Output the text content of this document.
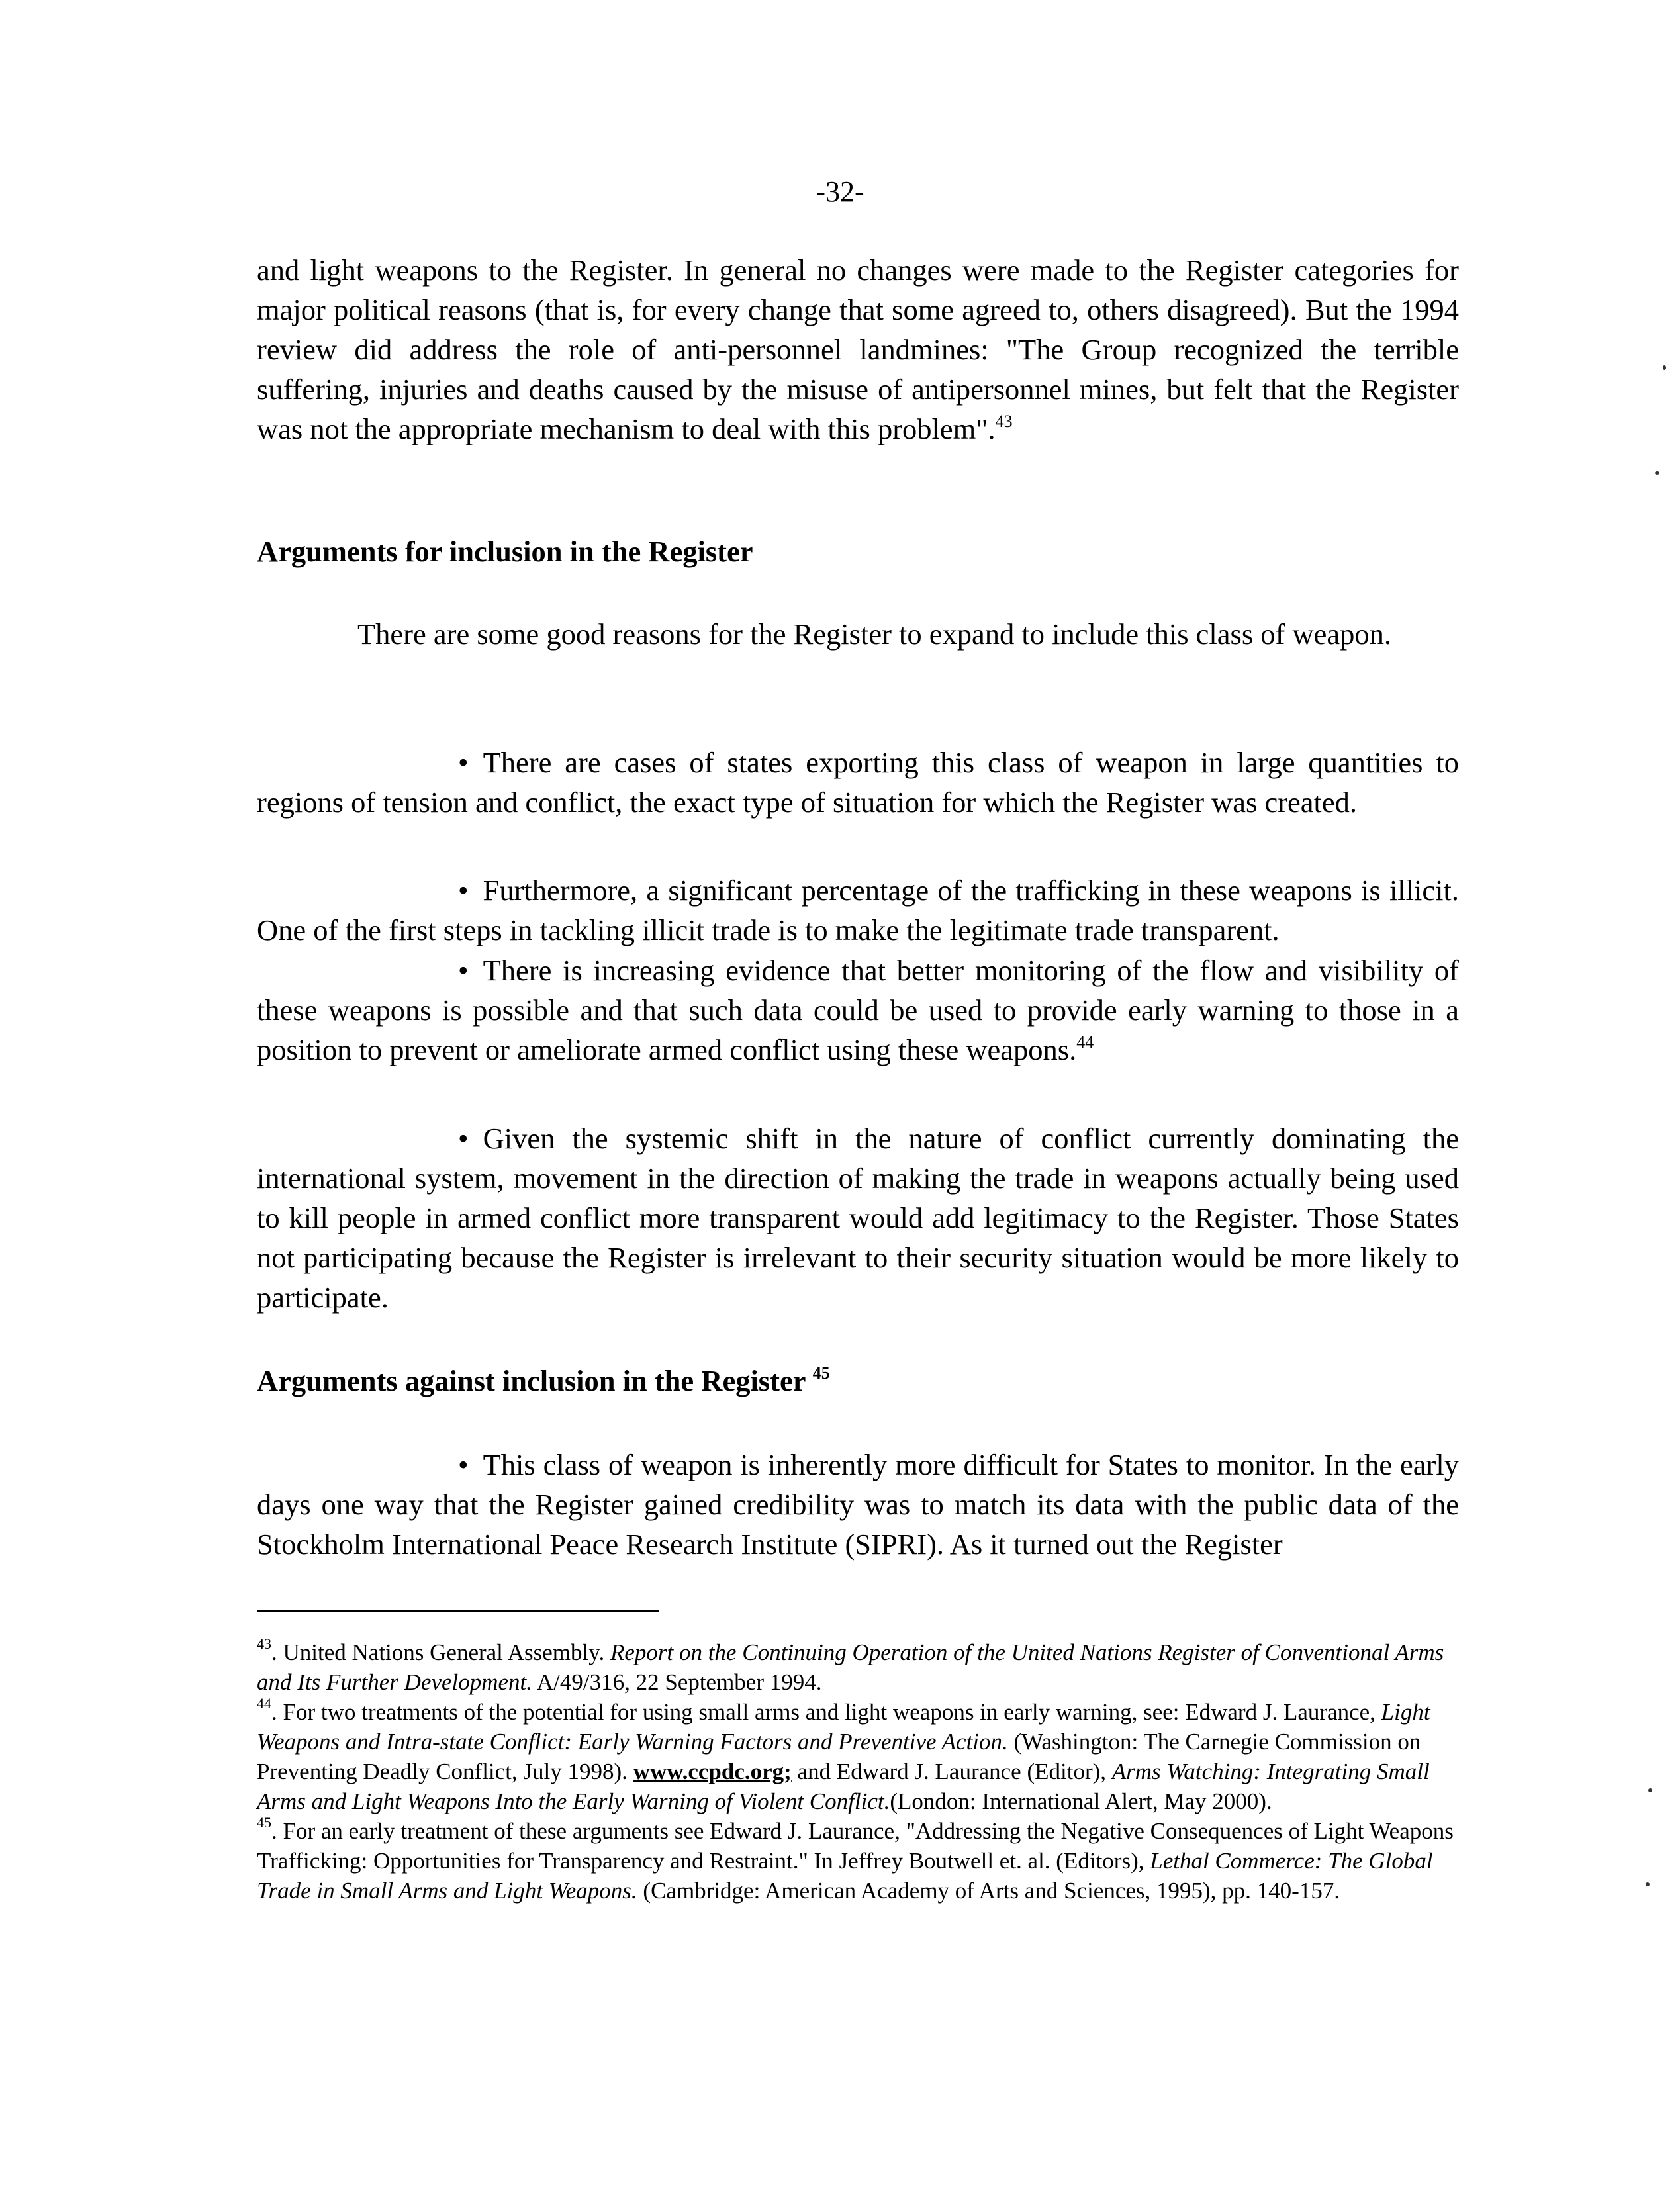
-32-

and light weapons to the Register. In general no changes were made to the Register categories for major political reasons (that is, for every change that some agreed to, others disagreed). But the 1994 review did address the role of anti-personnel landmines: "The Group recognized the terrible suffering, injuries and deaths caused by the misuse of antipersonnel mines, but felt that the Register was not the appropriate mechanism to deal with this problem".$^{43}$

Arguments for inclusion in the Register

There are some good reasons for the Register to expand to include this class of weapon.

• There are cases of states exporting this class of weapon in large quantities to regions of tension and conflict, the exact type of situation for which the Register was created.

• Furthermore, a significant percentage of the trafficking in these weapons is illicit. One of the first steps in tackling illicit trade is to make the legitimate trade transparent.

• There is increasing evidence that better monitoring of the flow and visibility of these weapons is possible and that such data could be used to provide early warning to those in a position to prevent or ameliorate armed conflict using these weapons.$^{44}$

• Given the systemic shift in the nature of conflict currently dominating the international system, movement in the direction of making the trade in weapons actually being used to kill people in armed conflict more transparent would add legitimacy to the Register. Those States not participating because the Register is irrelevant to their security situation would be more likely to participate.

Arguments against inclusion in the Register $^{45}$

• This class of weapon is inherently more difficult for States to monitor. In the early days one way that the Register gained credibility was to match its data with the public data of the Stockholm International Peace Research Institute (SIPRI). As it turned out the Register

$^{43}$. United Nations General Assembly. Report on the Continuing Operation of the United Nations Register of Conventional Arms and Its Further Development. A/49/316, 22 September 1994.

$^{44}$. For two treatments of the potential for using small arms and light weapons in early warning, see: Edward J. Laurance, Light Weapons and Intra-state Conflict: Early Warning Factors and Preventive Action. (Washington: The Carnegie Commission on Preventing Deadly Conflict, July 1998). www.ccpdc.org; and Edward J. Laurance (Editor), Arms Watching: Integrating Small Arms and Light Weapons Into the Early Warning of Violent Conflict.(London: International Alert, May 2000).

$^{45}$. For an early treatment of these arguments see Edward J. Laurance, "Addressing the Negative Consequences of Light Weapons Trafficking: Opportunities for Transparency and Restraint." In Jeffrey Boutwell et. al. (Editors), Lethal Commerce: The Global Trade in Small Arms and Light Weapons. (Cambridge: American Academy of Arts and Sciences, 1995), pp. 140-157.
